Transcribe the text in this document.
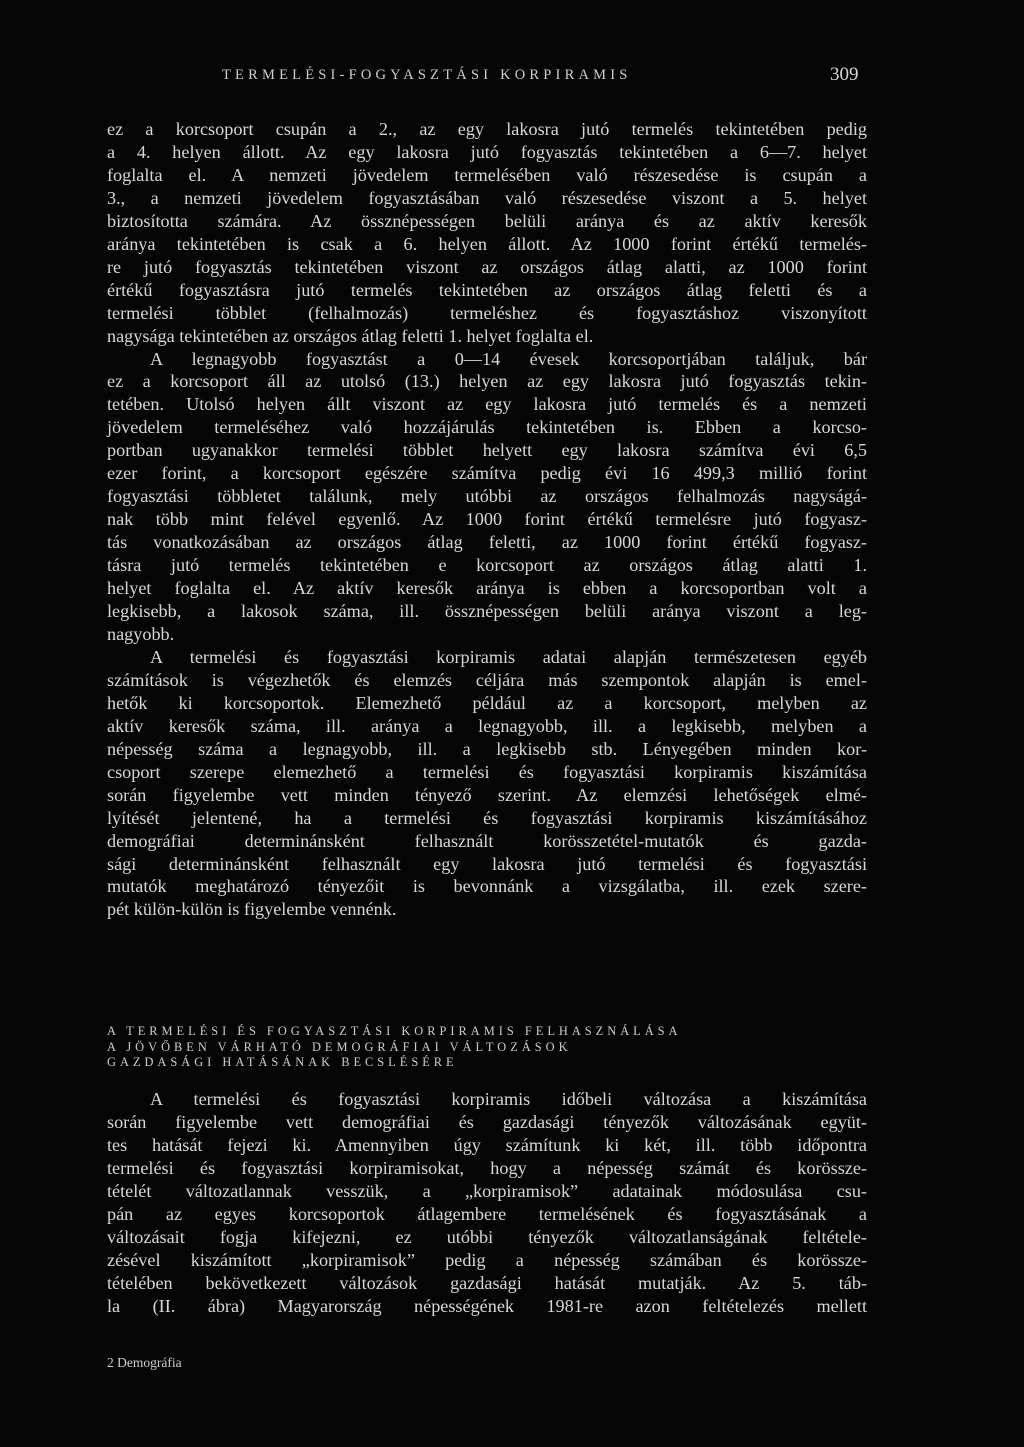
TERMELÉSI-FOGYASZTÁSI KORPIRAMIS	309
ez a korcsoport csupán a 2., az egy lakosra jutó termelés tekintetében pedig
a 4. helyen állott. Az egy lakosra jutó fogyasztás tekintetében a 6—7. helyet
foglalta el. A nemzeti jövedelem termelésében való részesedése is csupán a
3., a nemzeti jövedelem fogyasztásában való részesedése viszont a 5. helyet
biztosította számára. Az össznépességen belüli aránya és az aktív keresők
aránya tekintetében is csak a 6. helyen állott. Az 1000 forint értékű termelés-
re jutó fogyasztás tekintetében viszont az országos átlag alatti, az 1000 forint
értékű fogyasztásra jutó termelés tekintetében az országos átlag feletti és a
termelési többlet (felhalmozás) termeléshez és fogyasztáshoz viszonyított
nagysága tekintetében az országos átlag feletti 1. helyet foglalta el.
A legnagyobb fogyasztást a 0—14 évesek korcsoportjában találjuk, bár
ez a korcsoport áll az utolsó (13.) helyen az egy lakosra jutó fogyasztás tekin-
tetében. Utolsó helyen állt viszont az egy lakosra jutó termelés és a nemzeti
jövedelem termeléséhez való hozzájárulás tekintetében is. Ebben a korcso-
portban ugyanakkor termelési többlet helyett egy lakosra számítva évi 6,5
ezer forint, a korcsoport egészére számítva pedig évi 16 499,3 millió forint
fogyasztási többletet találunk, mely utóbbi az országos felhalmozás nagyságá-
nak több mint felével egyenlő. Az 1000 forint értékű termelésre jutó fogyasz-
tás vonatkozásában az országos átlag feletti, az 1000 forint értékű fogyasz-
tásra jutó termelés tekintetében e korcsoport az országos átlag alatti 1.
helyet foglalta el. Az aktív keresők aránya is ebben a korcsoportban volt a
legkisebb, a lakosok száma, ill. össznépességen belüli aránya viszont a leg-
nagyobb.
A termelési és fogyasztási korpiramis adatai alapján természetesen egyéb
számítások is végezhetők és elemzés céljára más szempontok alapján is emel-
hetők ki korcsoportok. Elemezhető például az a korcsoport, melyben az
aktív keresők száma, ill. aránya a legnagyobb, ill. a legkisebb, melyben a
népesség száma a legnagyobb, ill. a legkisebb stb. Lényegében minden kor-
csoport szerepe elemezhető a termelési és fogyasztási korpiramis kiszámítása
során figyelembe vett minden tényező szerint. Az elemzési lehetőségek elmé-
lyítését jelentené, ha a termelési és fogyasztási korpiramis kiszámításához
demográfiai determinánsként felhasznált korösszetétel-mutatók és gazda-
sági determinánsként felhasznált egy lakosra jutó termelési és fogyasztási
mutatók meghatározó tényezőit is bevonnánk a vizsgálatba, ill. ezek szere-
pét külön-külön is figyelembe vennénk.
A TERMELÉSI ÉS FOGYASZTÁSI KORPIRAMIS FELHASZNÁLÁSA
A JÖVŐBEN VÁRHATÓ DEMOGRÁFIAI VÁLTOZÁSOK
GAZDASÁGI HATÁSÁNAK BECSLÉSÉRE
A termelési és fogyasztási korpiramis időbeli változása a kiszámítása
során figyelembe vett demográfiai és gazdasági tényezők változásának együt-
tes hatását fejezi ki. Amennyiben úgy számítunk ki két, ill. több időpontra
termelési és fogyasztási korpiramisokat, hogy a népesség számát és korössze-
tételét változatlannak vesszük, a „korpiramisok” adatainak módosulása csu-
pán az egyes korcsoportok átlagembere termelésének és fogyasztásának a
változásait fogja kifejezni, ez utóbbi tényezők változatlanságának feltétele-
zésével kiszámított „korpiramisok” pedig a népesség számában és korössze-
tételében bekövetkezett változások gazdasági hatását mutatják. Az 5. táb-
la (II. ábra) Magyarország népességének 1981-re azon feltételezés mellett
2 Demográfia
